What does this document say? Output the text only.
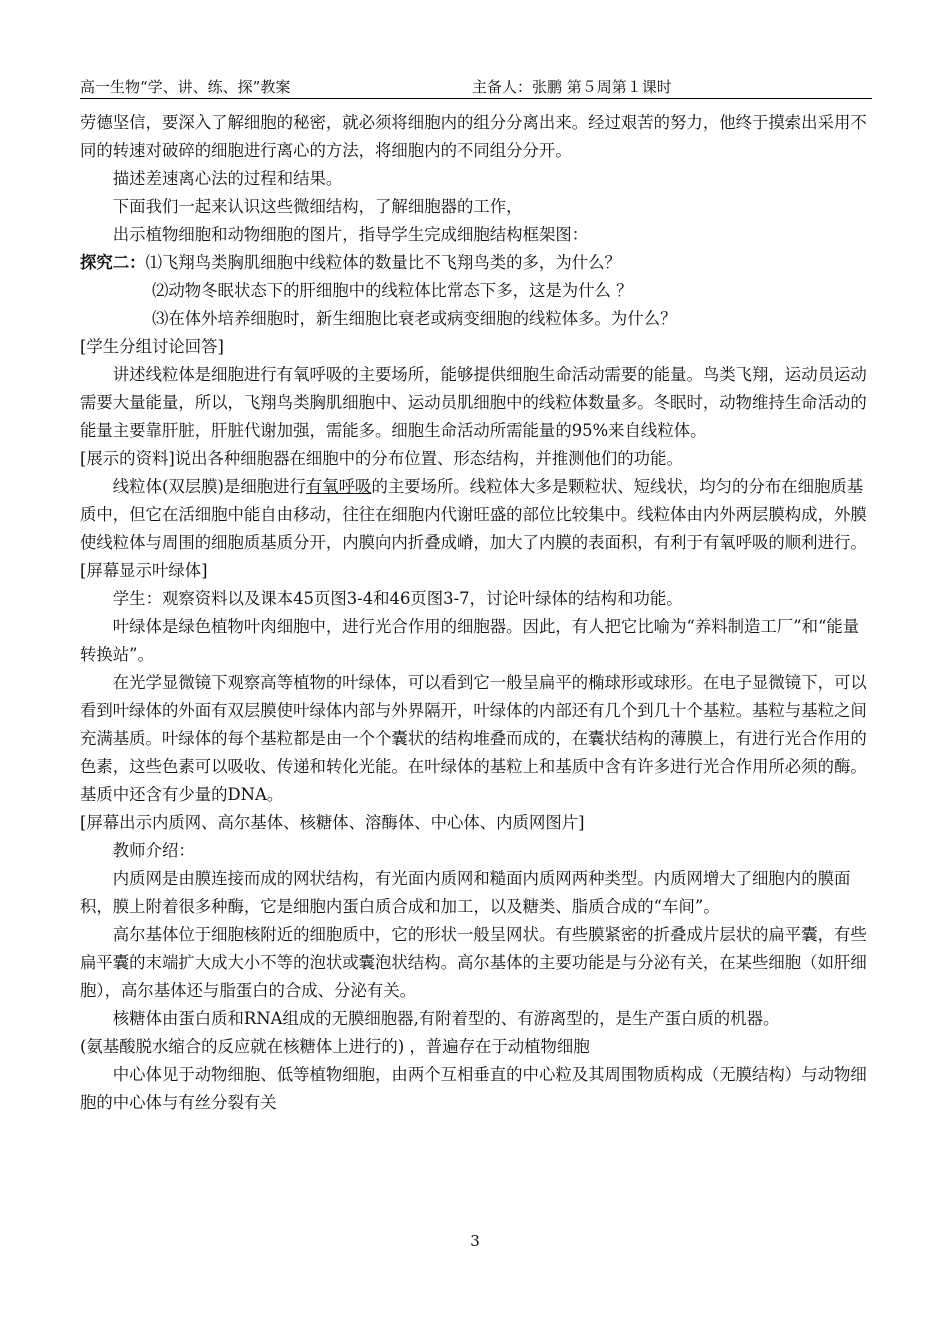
高一生物“学、讲、练、探”教案	主备人：张鹏 第５周第１课时

劳德坚信，要深入了解细胞的秘密，就必须将细胞内的组分分离出来。经过艰苦的努力，他终于摸索出采用不同的转速对破碎的细胞进行离心的方法，将细胞内的不同组分分开。

描述差速离心法的过程和结果。

下面我们一起来认识这些微细结构，了解细胞器的工作，

出示植物细胞和动物细胞的图片，指导学生完成细胞结构框架图：

探究二：⑴飞翔鸟类胸肌细胞中线粒体的数量比不飞翔鸟类的多，为什么？

⑵动物冬眠状态下的肝细胞中的线粒体比常态下多，这是为什么 ？

⑶在体外培养细胞时，新生细胞比衰老或病变细胞的线粒体多。为什么？

[学生分组讨论回答]

讲述线粒体是细胞进行有氧呼吸的主要场所，能够提供细胞生命活动需要的能量。鸟类飞翔，运动员运动需要大量能量，所以，飞翔鸟类胸肌细胞中、运动员肌细胞中的线粒体数量多。冬眠时，动物维持生命活动的能量主要靠肝脏，肝脏代谢加强，需能多。细胞生命活动所需能量的95%来自线粒体。

[展示的资料]说出各种细胞器在细胞中的分布位置、形态结构，并推测他们的功能。

线粒体(双层膜)是细胞进行有氧呼吸的主要场所。线粒体大多是颗粒状、短线状，均匀的分布在细胞质基质中，但它在活细胞中能自由移动，往往在细胞内代谢旺盛的部位比较集中。线粒体由内外两层膜构成，外膜使线粒体与周围的细胞质基质分开，内膜向内折叠成嵴，加大了内膜的表面积，有利于有氧呼吸的顺利进行。

[屏幕显示叶绿体]

学生：观察资料以及课本45页图3-4和46页图3-7，讨论叶绿体的结构和功能。

叶绿体是绿色植物叶肉细胞中，进行光合作用的细胞器。因此，有人把它比喻为“养料制造工厂”和“能量转换站”。

在光学显微镜下观察高等植物的叶绿体，可以看到它一般呈扁平的椭球形或球形。在电子显微镜下，可以看到叶绿体的外面有双层膜使叶绿体内部与外界隔开，叶绿体的内部还有几个到几十个基粒。基粒与基粒之间充满基质。叶绿体的每个基粒都是由一个个囊状的结构堆叠而成的，在囊状结构的薄膜上，有进行光合作用的色素，这些色素可以吸收、传递和转化光能。在叶绿体的基粒上和基质中含有许多进行光合作用所必须的酶。基质中还含有少量的DNA。

[屏幕出示内质网、高尔基体、核糖体、溶酶体、中心体、内质网图片]

教师介绍：

内质网是由膜连接而成的网状结构，有光面内质网和糙面内质网两种类型。内质网增大了细胞内的膜面积，膜上附着很多种酶，它是细胞内蛋白质合成和加工，以及糖类、脂质合成的“车间”。

高尔基体位于细胞核附近的细胞质中，它的形状一般呈网状。有些膜紧密的折叠成片层状的扁平囊，有些扁平囊的末端扩大成大小不等的泡状或囊泡状结构。高尔基体的主要功能是与分泌有关，在某些细胞（如肝细胞），高尔基体还与脂蛋白的合成、分泌有关。

核糖体由蛋白质和RNA组成的无膜细胞器,有附着型的、有游离型的，是生产蛋白质的机器。

(氨基酸脱水缩合的反应就在核糖体上进行的) ，普遍存在于动植物细胞

中心体见于动物细胞、低等植物细胞，由两个互相垂直的中心粒及其周围物质构成（无膜结构）与动物细胞的中心体与有丝分裂有关

3
